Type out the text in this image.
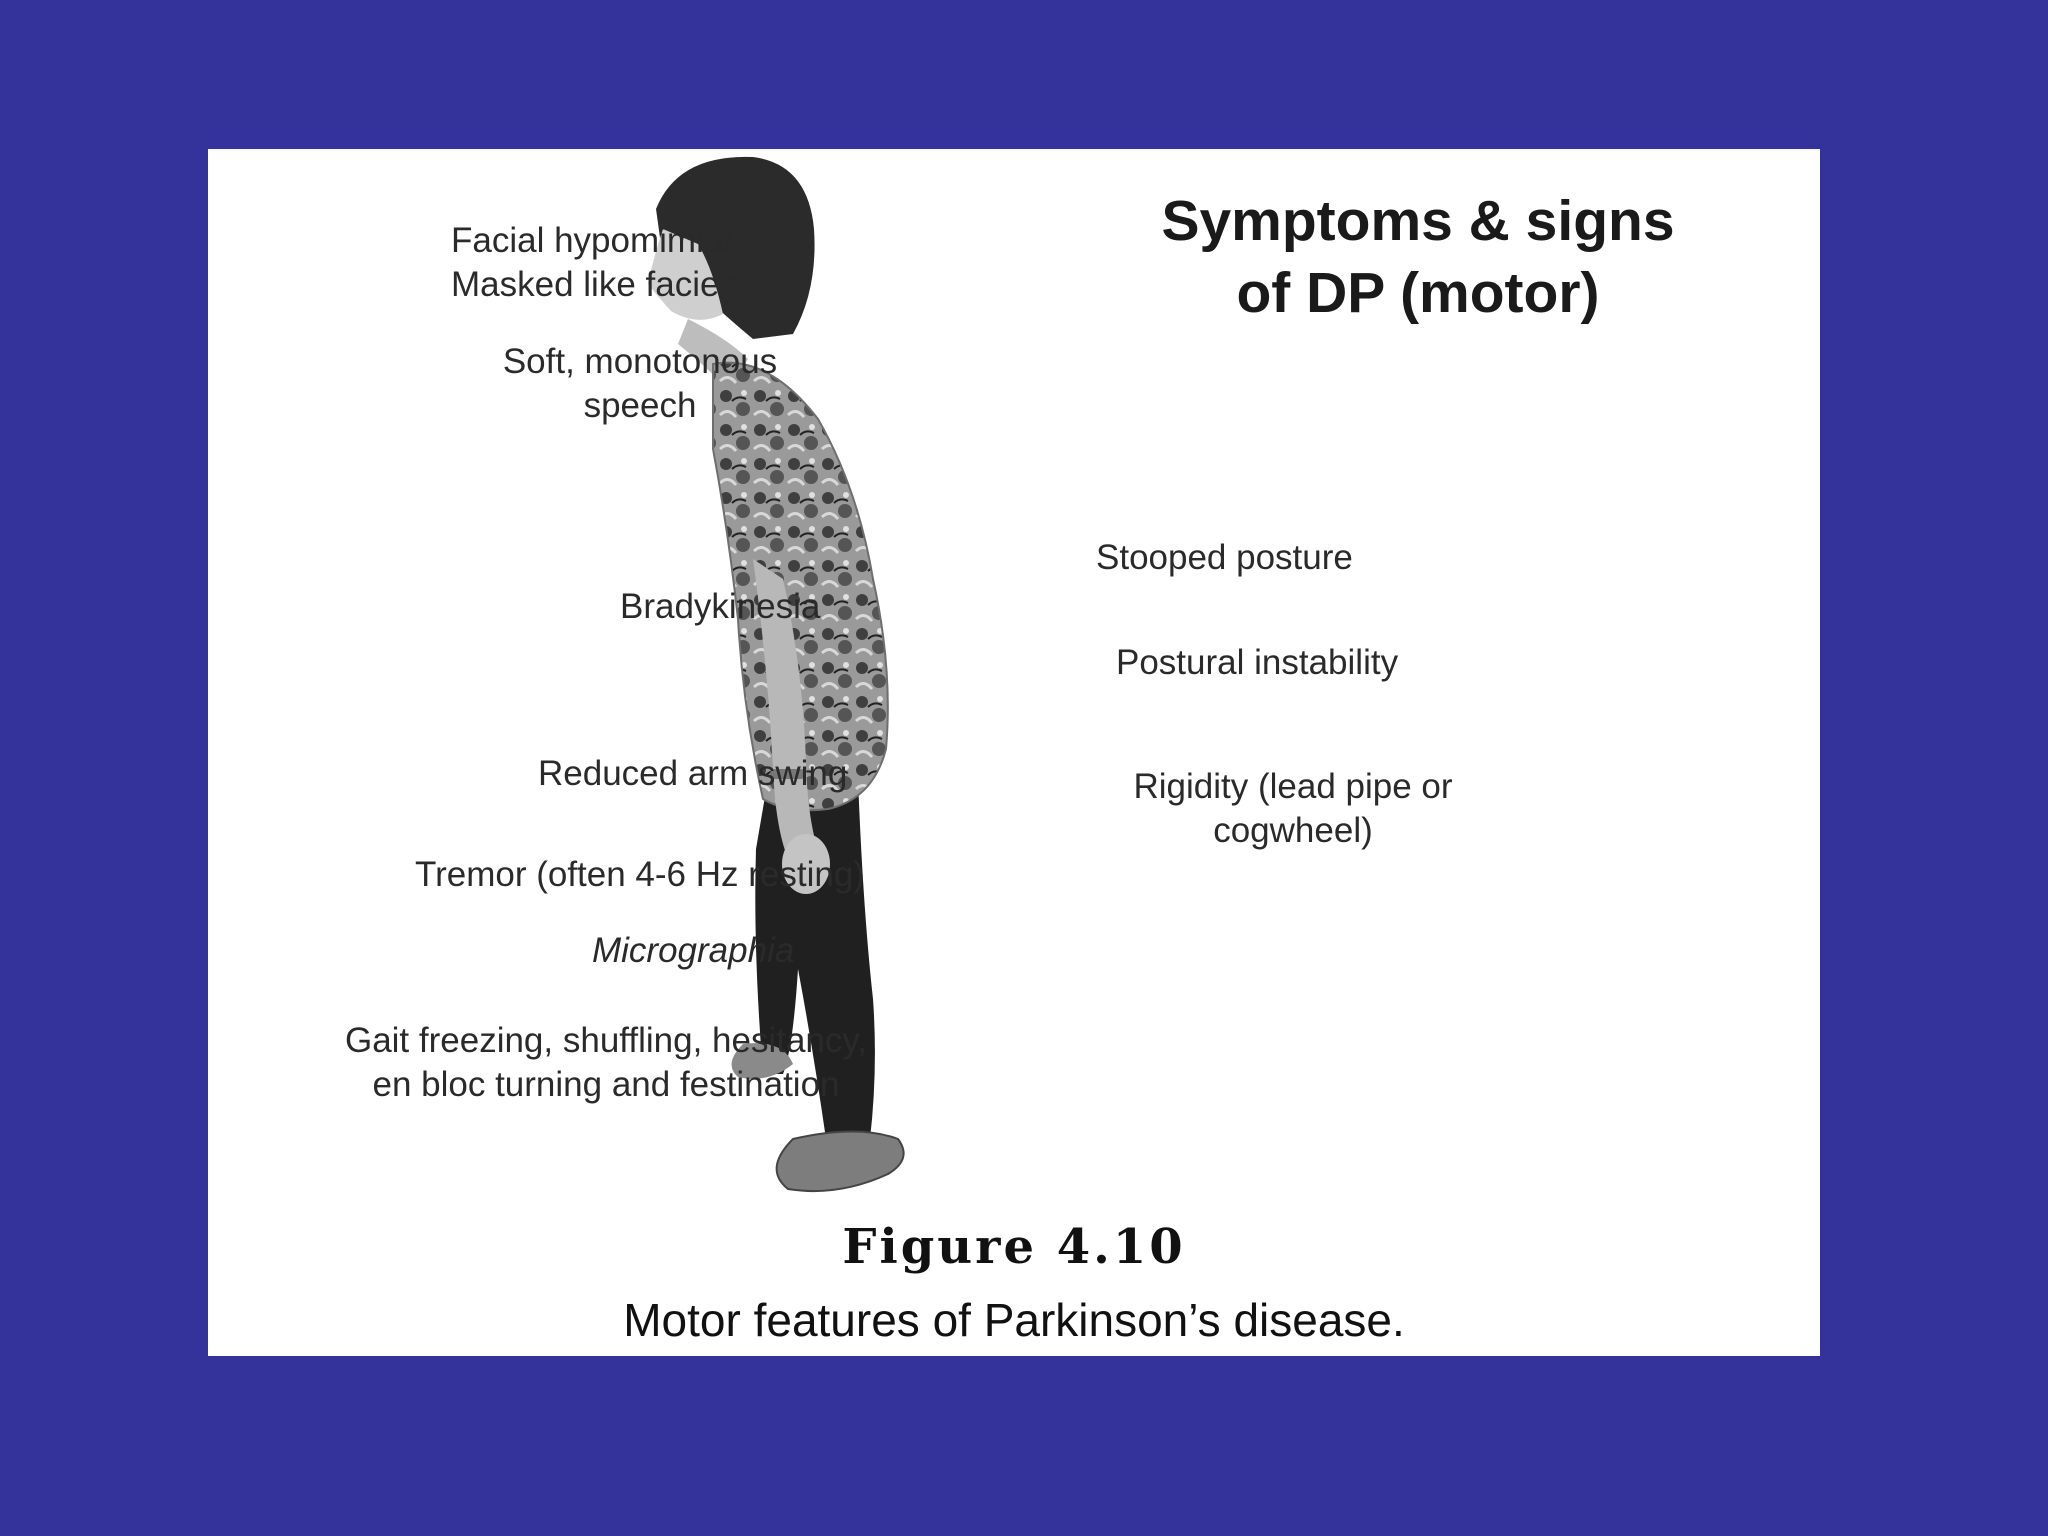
Symptoms & signs
of DP (motor)
Facial hypomimia/
Masked like facies
Soft, monotonous
speech
Bradykinesia
Reduced arm swing
Tremor (often 4-6 Hz resting)
Micrographia
Gait freezing, shuffling, hesitancy,
en bloc turning and festination
Stooped posture
Postural instability
Rigidity (lead pipe or
cogwheel)
Figure 4.10
Motor features of Parkinson’s disease.
